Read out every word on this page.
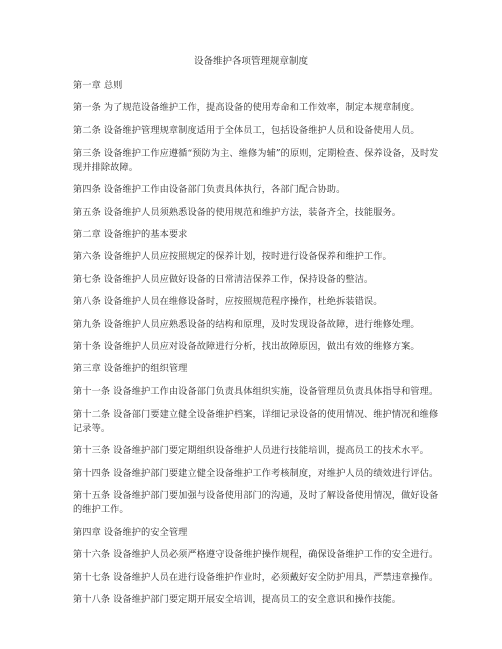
设备维护各项管理规章制度
第一章 总则
第一条 为了规范设备维护工作，提高设备的使用寿命和工作效率，制定本规章制度。
第二条 设备维护管理规章制度适用于全体员工，包括设备维护人员和设备使用人员。
第三条 设备维护工作应遵循“预防为主、维修为辅”的原则，定期检查、保养设备，及时发
现并排除故障。
第四条 设备维护工作由设备部门负责具体执行，各部门配合协助。
第五条 设备维护人员须熟悉设备的使用规范和维护方法，装备齐全，技能服务。
第二章 设备维护的基本要求
第六条 设备维护人员应按照规定的保养计划，按时进行设备保养和维护工作。
第七条 设备维护人员应做好设备的日常清洁保养工作，保持设备的整洁。
第八条 设备维护人员在维修设备时，应按照规范程序操作，杜绝拆装错误。
第九条 设备维护人员应熟悉设备的结构和原理，及时发现设备故障，进行维修处理。
第十条 设备维护人员应对设备故障进行分析，找出故障原因，做出有效的维修方案。
第三章 设备维护的组织管理
第十一条 设备维护工作由设备部门负责具体组织实施，设备管理员负责具体指导和管理。
第十二条 设备部门要建立健全设备维护档案，详细记录设备的使用情况、维护情况和维修
记录等。
第十三条 设备维护部门要定期组织设备维护人员进行技能培训，提高员工的技术水平。
第十四条 设备维护部门要建立健全设备维护工作考核制度，对维护人员的绩效进行评估。
第十五条 设备维护部门要加强与设备使用部门的沟通，及时了解设备使用情况，做好设备
的维护工作。
第四章 设备维护的安全管理
第十六条 设备维护人员必须严格遵守设备维护操作规程，确保设备维护工作的安全进行。
第十七条 设备维护人员在进行设备维护作业时，必须戴好安全防护用具，严禁违章操作。
第十八条 设备维护部门要定期开展安全培训，提高员工的安全意识和操作技能。
